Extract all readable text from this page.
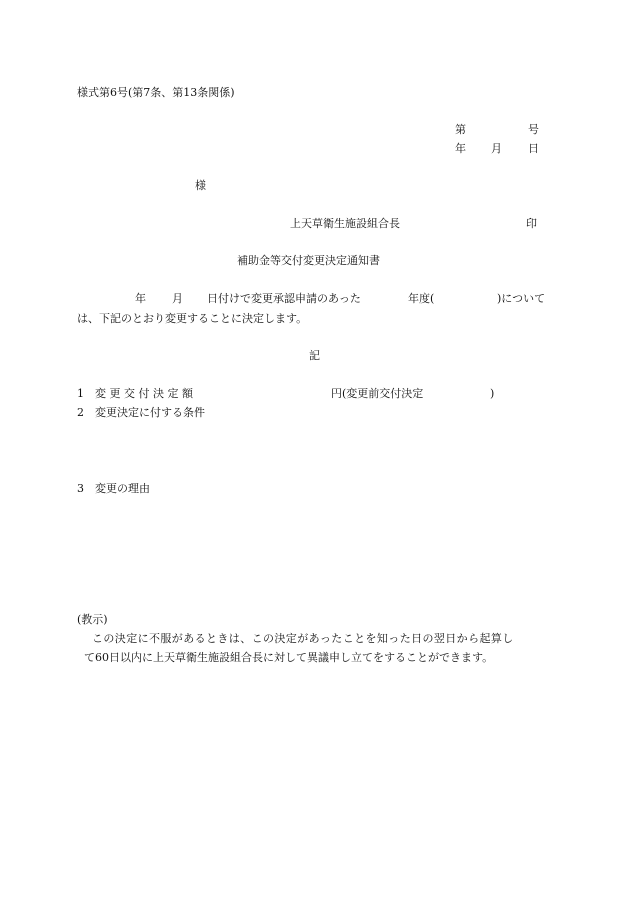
様式第6号(第7条、第13条関係)
第	号
年 月 日
様
上天草衛生施設組合長	印
補助金等交付変更決定通知書
年 月 日付けで変更承認申請のあった	年度(	)について
は、下記のとおり変更することに決定します。
記
1 変 更 交 付 決 定 額	円(変更前交付決定	)
2 変更決定に付する条件
3 変更の理由
(教示)
この決定に不服があるときは、この決定があったことを知った日の翌日から起算し
て60日以内に上天草衛生施設組合長に対して異議申し立てをすることができます。
